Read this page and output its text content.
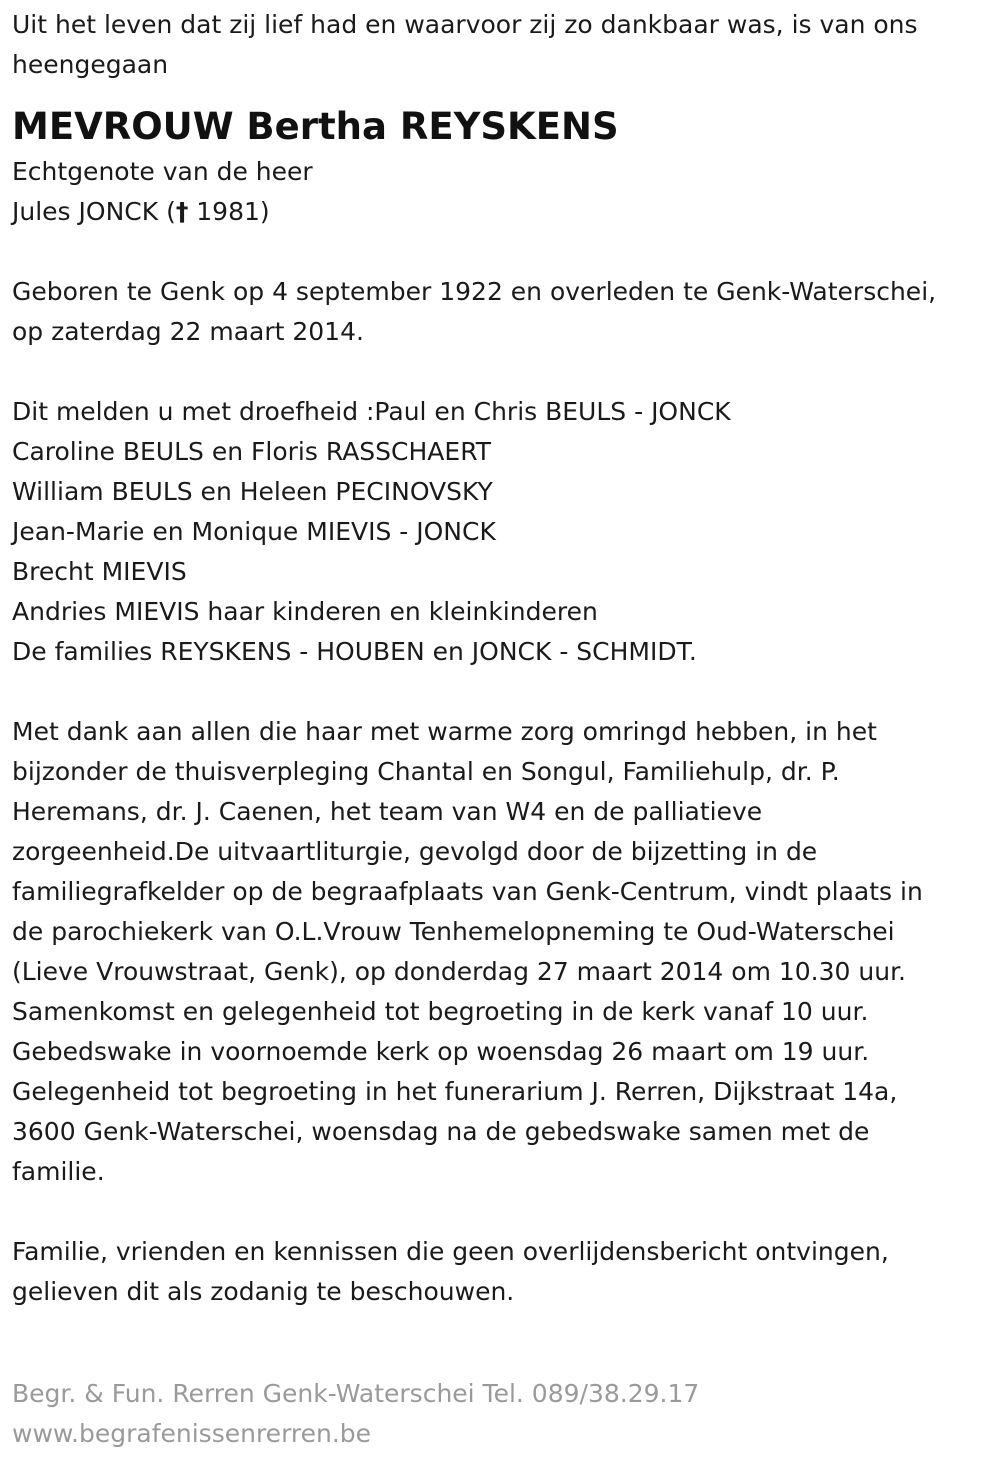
Uit het leven dat zij lief had en waarvoor zij zo dankbaar was, is van ons heengegaan

MEVROUW Bertha REYSKENS
Echtgenote van de heer
Jules JONCK († 1981)
Geboren te Genk op 4 september 1922 en overleden te Genk-Waterschei,
op zaterdag 22 maart 2014.
Dit melden u met droefheid :Paul en Chris BEULS - JONCK
Caroline BEULS en Floris RASSCHAERT
William BEULS en Heleen PECINOVSKY
Jean-Marie en Monique MIEVIS - JONCK
Brecht MIEVIS
Andries MIEVIS haar kinderen en kleinkinderen
De families REYSKENS - HOUBEN en JONCK - SCHMIDT.
Met dank aan allen die haar met warme zorg omringd hebben, in het
bijzonder de thuisverpleging Chantal en Songul, Familiehulp, dr. P.
Heremans, dr. J. Caenen, het team van W4 en de palliatieve
zorgeenheid.De uitvaartliturgie, gevolgd door de bijzetting in de
familiegrafkelder op de begraafplaats van Genk-Centrum, vindt plaats in
de parochiekerk van O.L.Vrouw Tenhemelopneming te Oud-Waterschei
(Lieve Vrouwstraat, Genk), op donderdag 27 maart 2014 om 10.30 uur.
Samenkomst en gelegenheid tot begroeting in de kerk vanaf 10 uur.
Gebedswake in voornoemde kerk op woensdag 26 maart om 19 uur.
Gelegenheid tot begroeting in het funerarium J. Rerren, Dijkstraat 14a,
3600 Genk-Waterschei, woensdag na de gebedswake samen met de
familie.
Familie, vrienden en kennissen die geen overlijdensbericht ontvingen,
gelieven dit als zodanig te beschouwen.
Begr. & Fun. Rerren Genk-Waterschei Tel. 089/38.29.17
www.begrafenissenrerren.be
